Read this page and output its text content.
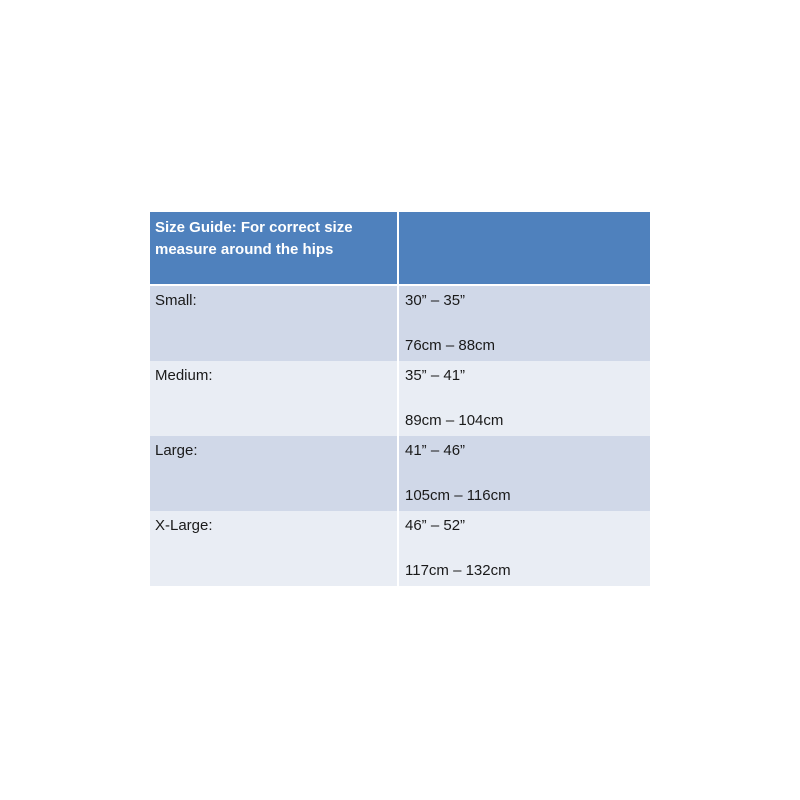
Size Guide: For correct size
measure around the hips	
Small:	30” – 35”
76cm – 88cm

Medium:	35” – 41”
89cm – 104cm

Large:	41” – 46”
105cm – 116cm

X-Large:	46” – 52”
117cm – 132cm
